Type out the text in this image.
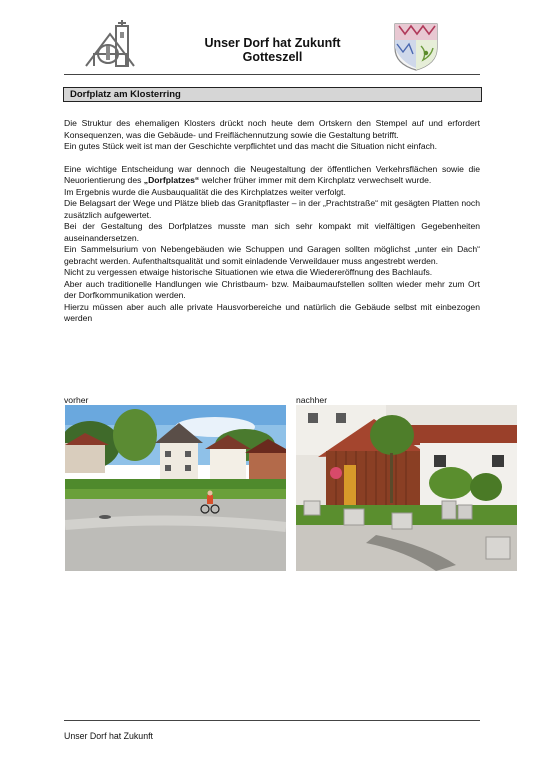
Unser Dorf hat Zukunft
Gotteszell
Dorfplatz am Klosterring

Die Struktur des ehemaligen Klosters drückt noch heute dem Ortskern den Stempel auf und erfordert Konsequenzen, was die Gebäude- und Freiflächennutzung sowie die Gestaltung betrifft.

Ein gutes Stück weit ist man der Geschichte verpflichtet und das macht die Situation nicht einfach.

Eine wichtige Entscheidung war dennoch die Neugestaltung der öffentlichen Verkehrsflächen sowie die Neuorientierung des „Dorfplatzes“ welcher früher immer mit dem Kirchplatz verwechselt wurde.

Im Ergebnis wurde die Ausbauqualität die des Kirchplatzes weiter verfolgt.

Die Belagsart der Wege und Plätze blieb das Granitpflaster – in der „Prachtstraße“ mit gesägten Platten noch zusätzlich aufgewertet.

Bei der Gestaltung des Dorfplatzes musste man sich sehr kompakt mit vielfältigen Gegebenheiten auseinandersetzen.

Ein Sammelsurium von Nebengebäuden wie Schuppen und Garagen sollten möglichst „unter ein Dach“ gebracht werden. Aufenthaltsqualität und somit einladende Verweildauer muss angestrebt werden.

Nicht zu vergessen etwaige historische Situationen wie etwa die Wiedereröffnung des Bachlaufs.

Aber auch traditionelle Handlungen wie Christbaum- bzw. Maibaumaufstellen sollten wieder mehr zum Ort der Dorfkommunikation werden.

Hierzu müssen aber auch alle private Hausvorbereiche und natürlich die Gebäude selbst mit einbezogen werden

vorher	nachher
Unser Dorf hat Zukunft
